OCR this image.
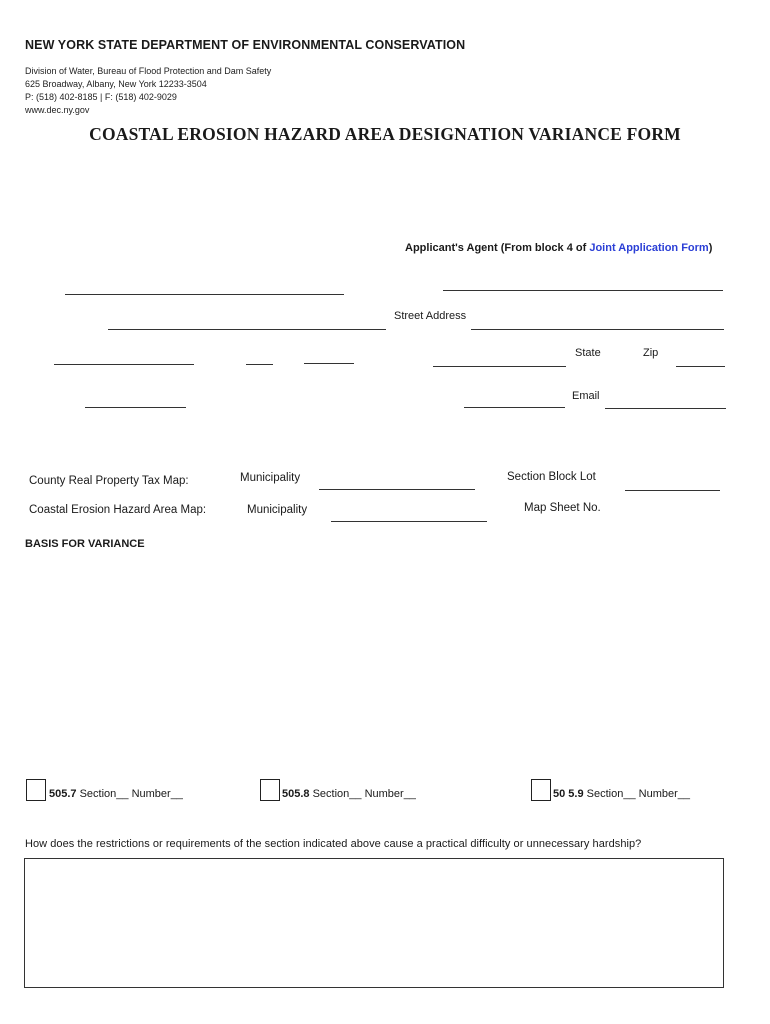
NEW YORK STATE DEPARTMENT OF ENVIRONMENTAL CONSERVATION
Division of Water, Bureau of Flood Protection and Dam Safety
625 Broadway, Albany, New York 12233-3504
P: (518) 402-8185 | F: (518) 402-9029
www.dec.ny.gov
COASTAL EROSION HAZARD AREA DESIGNATION VARIANCE FORM
Applicant's Agent (From block 4 of Joint Application Form)
Street Address
State	Zip
Email
County Real Property Tax Map:	Municipality	Section Block Lot
Coastal Erosion Hazard Area Map:	Municipality	Map Sheet No.
BASIS FOR VARIANCE
505.7 Section__ Number__	505.8 Section__ Number__	50 5.9 Section__ Number__
How does the restrictions or requirements of the section indicated above cause a practical difficulty or unnecessary hardship?
